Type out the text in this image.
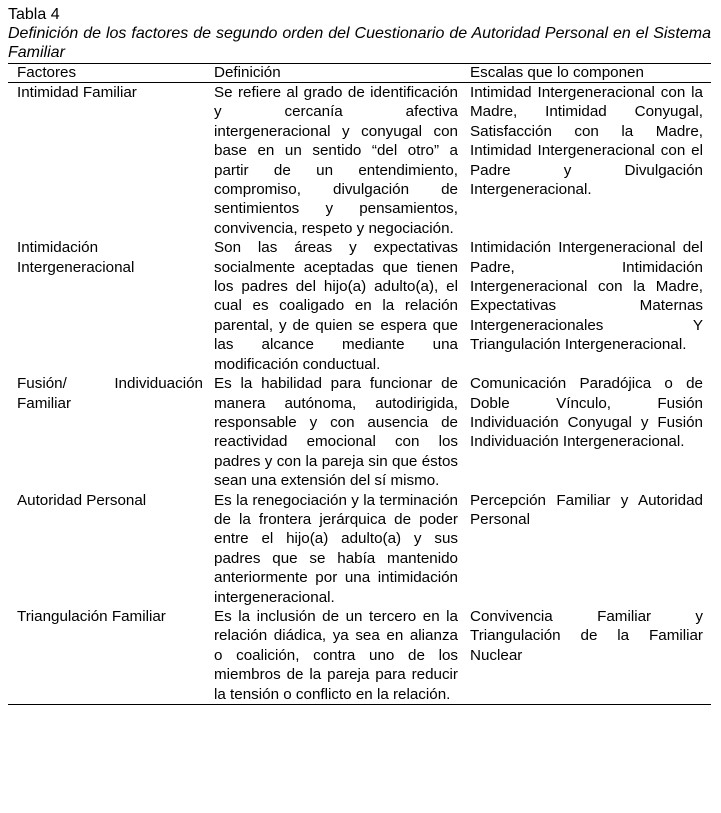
Tabla 4

Definición de los factores de segundo orden del Cuestionario de Autoridad Personal en el Sistema Familiar

Factores	Definición	Escalas que lo componen
Intimidad Familiar	Se refiere al grado de identificación y cercanía afectiva intergeneracional y conyugal con base en un sentido “del otro” a partir de un entendimiento, compromiso, divulgación de sentimientos y pensamientos, convivencia, respeto y negociación.	Intimidad Intergeneracional con la Madre, Intimidad Conyugal, Satisfacción con la Madre, Intimidad Intergeneracional con el Padre y Divulgación Intergeneracional.
Intimidación Intergeneracional	Son las áreas y expectativas socialmente aceptadas que tienen los padres del hijo(a) adulto(a), el cual es coaligado en la relación parental, y de quien se espera que las alcance mediante una modificación conductual.	Intimidación Intergeneracional del Padre, Intimidación Intergeneracional con la Madre, Expectativas Maternas Intergeneracionales Y Triangulación Intergeneracional.
Fusión/ Individuación Familiar	Es la habilidad para funcionar de manera autónoma, autodirigida, responsable y con ausencia de reactividad emocional con los padres y con la pareja sin que éstos sean una extensión del sí mismo.	Comunicación Paradójica o de Doble Vínculo, Fusión Individuación Conyugal y Fusión Individuación Intergeneracional.
Autoridad Personal	Es la renegociación y la terminación de la frontera jerárquica de poder entre el hijo(a) adulto(a) y sus padres que se había mantenido anteriormente por una intimidación intergeneracional.	Percepción Familiar y Autoridad Personal
Triangulación Familiar	Es la inclusión de un tercero en la relación diádica, ya sea en alianza o coalición, contra uno de los miembros de la pareja para reducir la tensión o conflicto en la relación.	Convivencia Familiar y Triangulación de la Familiar Nuclear
